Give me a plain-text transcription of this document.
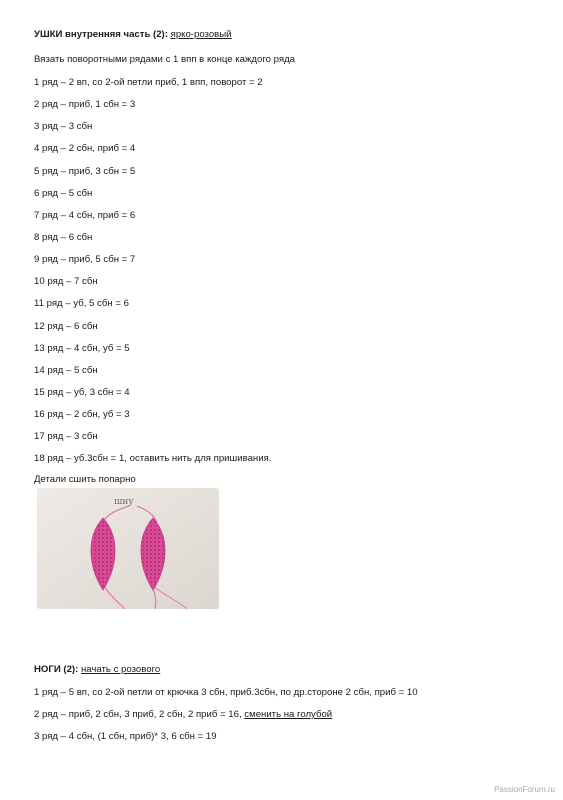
УШКИ внутренняя часть (2): ярко-розовый

Вязать поворотными рядами с 1 впп в конце каждого ряда

1 ряд – 2 вп, со 2-ой петли приб, 1 впп, поворот = 2

2 ряд – приб, 1 сбн = 3

3 ряд – 3 сбн

4 ряд – 2 сбн, приб = 4

5 ряд – приб, 3 сбн = 5

6 ряд – 5 сбн

7 ряд – 4 сбн, приб = 6

8 ряд – 6 сбн

9 ряд – приб, 5 сбн = 7

10 ряд – 7 сбн

11 ряд – уб, 5 сбн = 6

12 ряд – 6 сбн

13 ряд – 4 сбн, уб = 5

14 ряд – 5 сбн

15 ряд – уб, 3 сбн = 4

16 ряд – 2 сбн, уб = 3

17 ряд – 3 сбн

18 ряд – уб.3сбн = 1, оставить нить для пришивания.

Детали сшить попарно

шну

НОГИ (2): начать с розового

1 ряд – 5 вп, со 2-ой петли от крючка 3 сбн, приб.3сбн, по др.стороне 2 сбн, приб = 10

2 ряд – приб, 2 сбн, 3 приб, 2 сбн, 2 приб = 16, сменить на голубой

3 ряд – 4 сбн, (1 сбн, приб)* 3, 6 сбн = 19

PassionForum.ru
